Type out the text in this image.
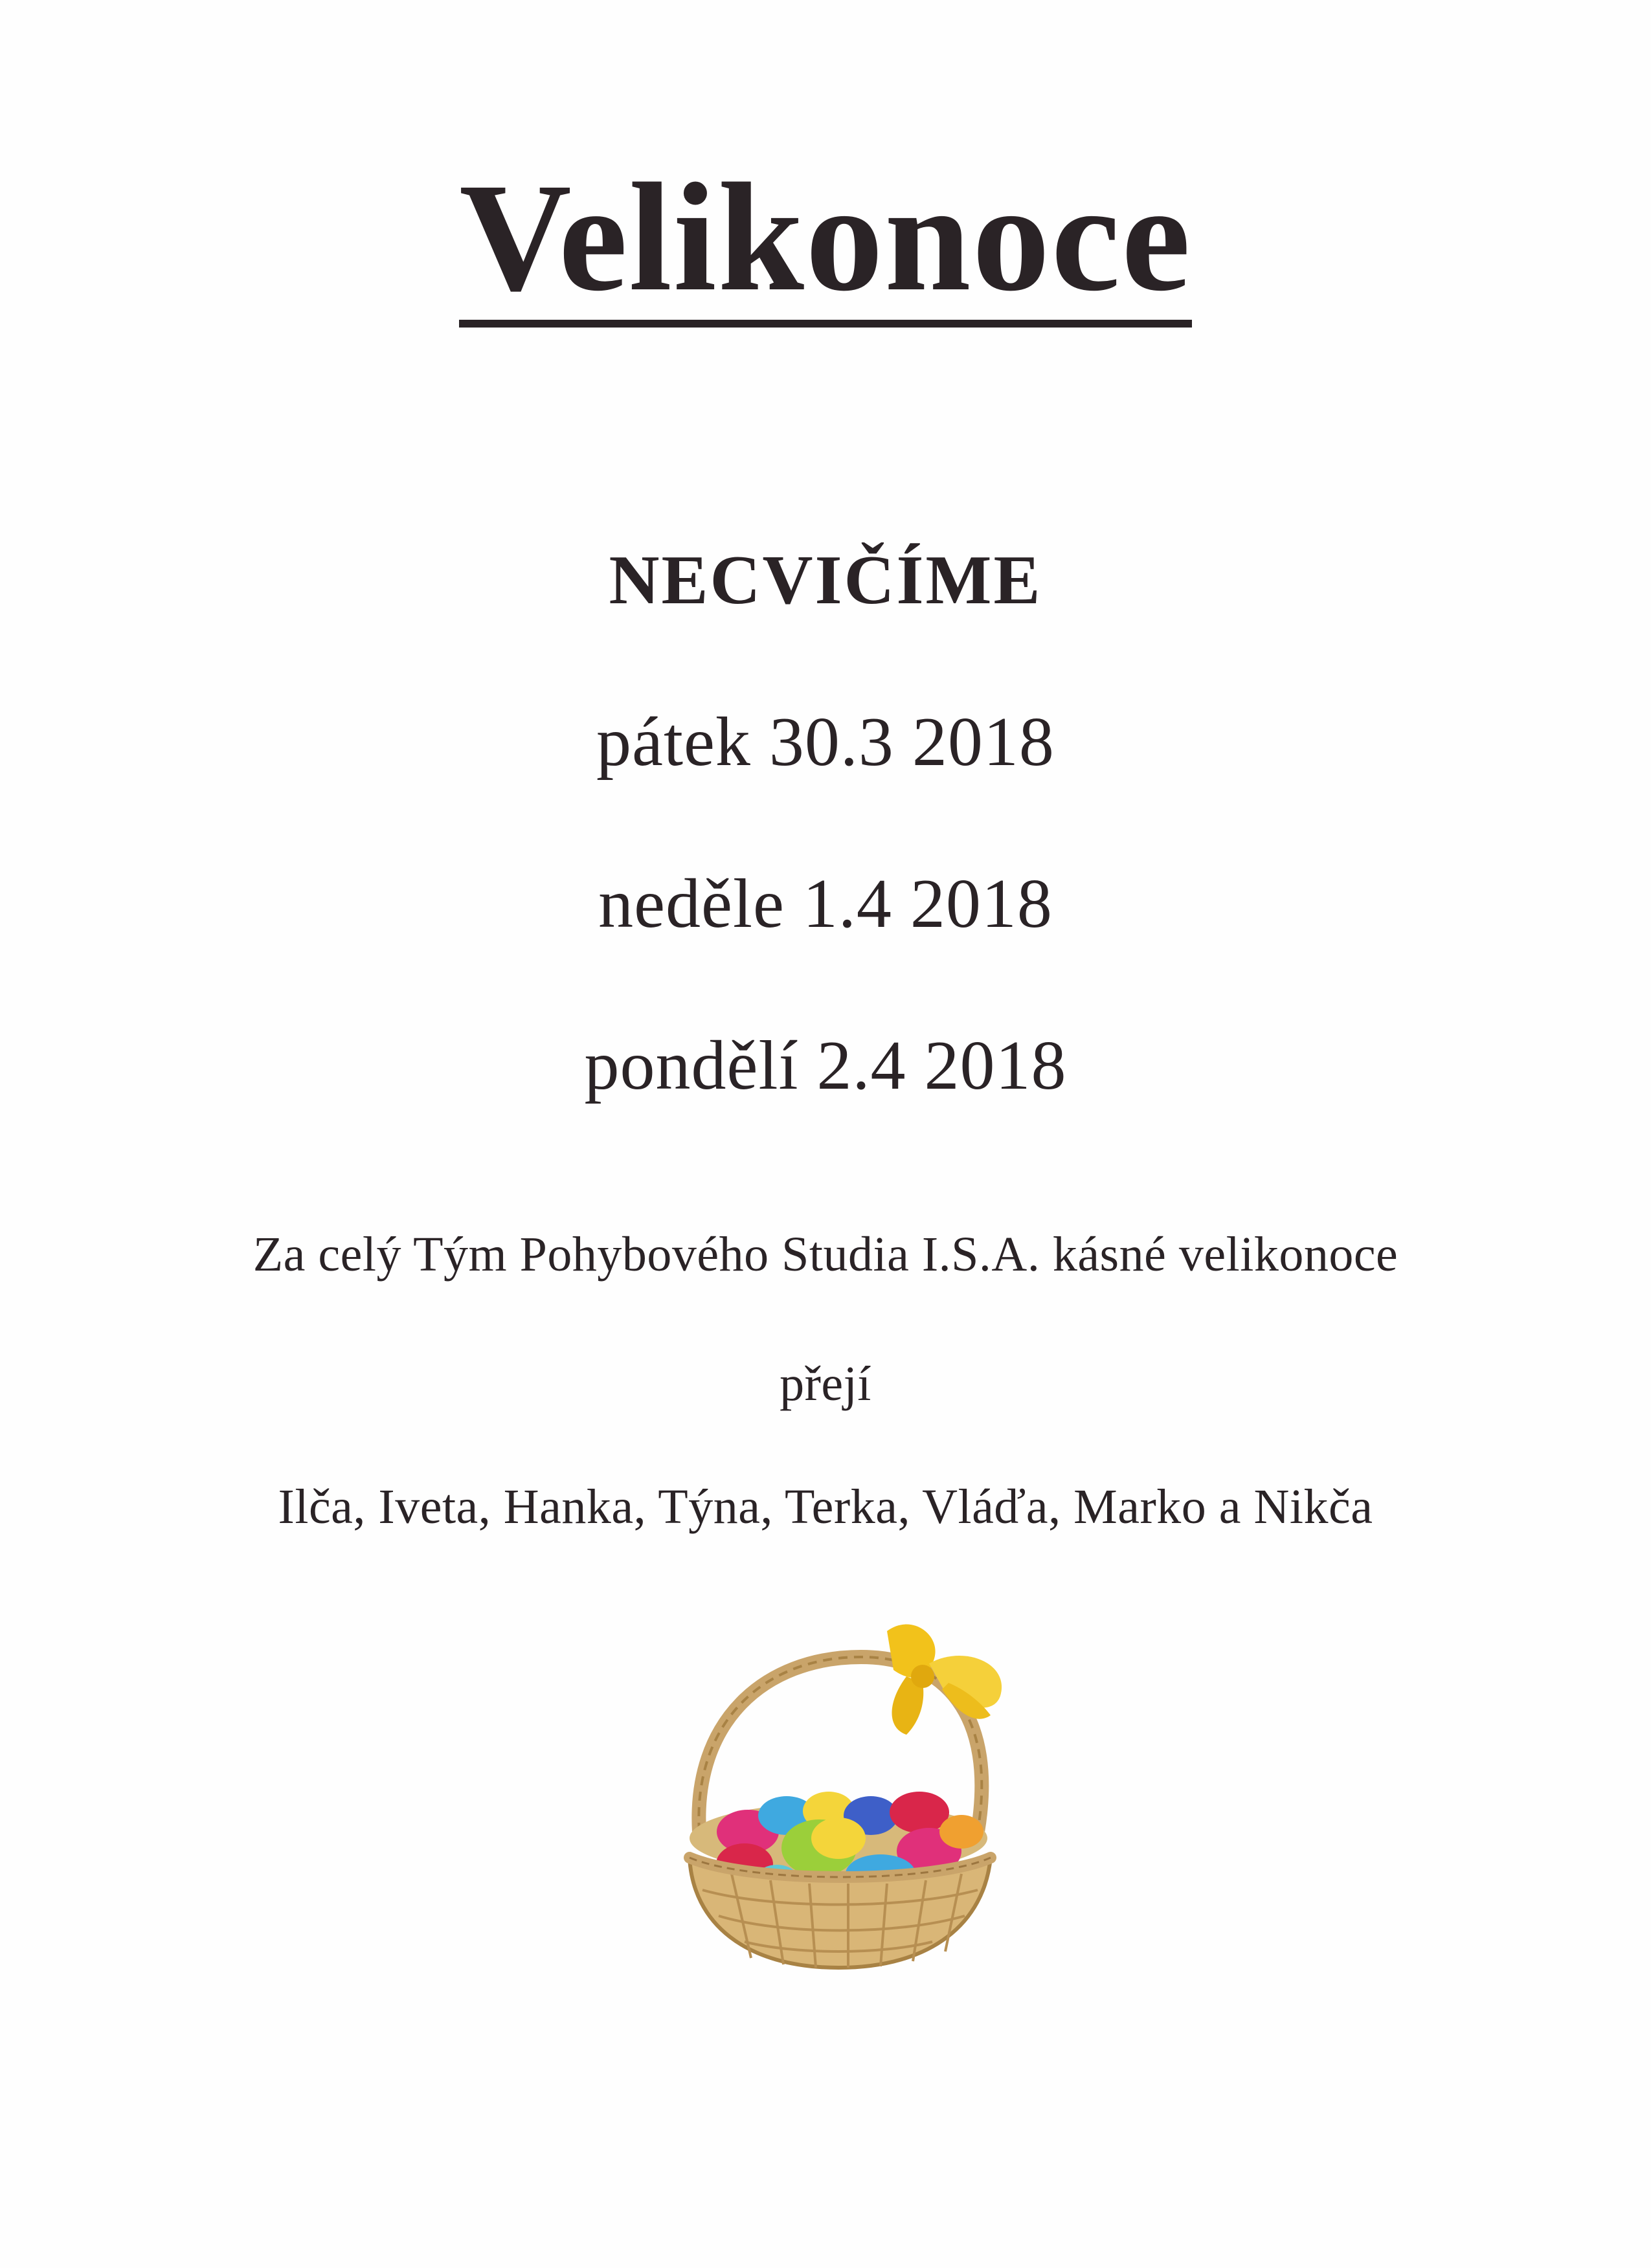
Velikonoce
NECVIČÍME
pátek 30.3 2018
neděle 1.4 2018
pondělí 2.4 2018
Za celý Tým Pohybového Studia I.S.A. kásné velikonoce
přejí
Ilča, Iveta, Hanka, Týna, Terka, Vláďa, Marko a Nikča
